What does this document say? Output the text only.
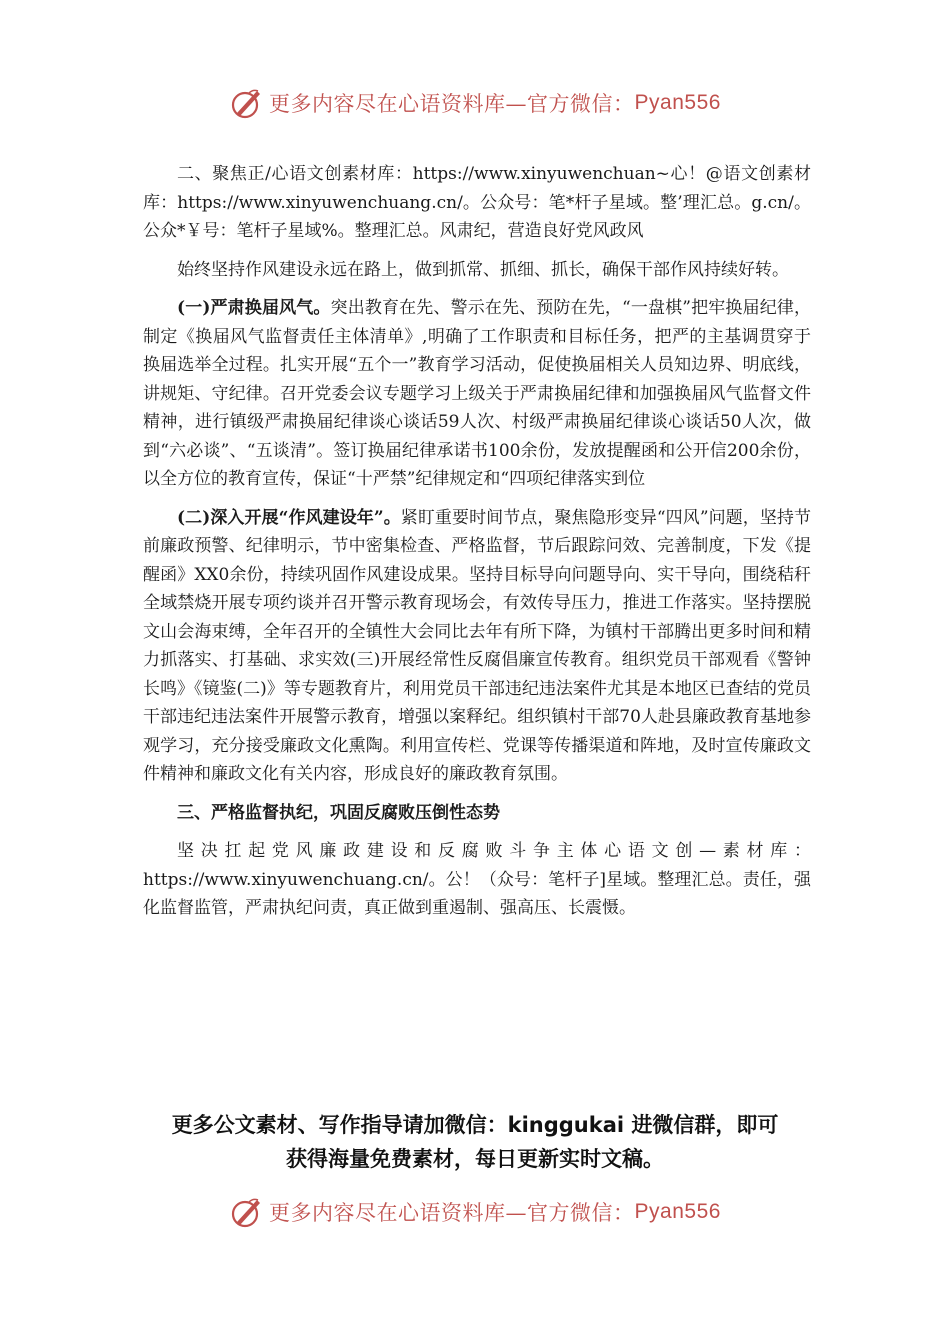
更多内容尽在心语资料库—官方微信： Pyan556

二、聚焦正/心语文创素材库：https://www.xinyuwenchuan~心！@语文创素材库：https://www.xinyuwenchuang.cn/。公众号：笔*杆子星域。整’理汇总。g.cn/。公众*￥号：笔杆子星域%。整理汇总。风肃纪，营造良好党风政风

始终坚持作风建设永远在路上，做到抓常、抓细、抓长，确保干部作风持续好转。

(一)严肃换届风气。突出教育在先、警示在先、预防在先，“一盘棋”把牢换届纪律，制定《换届风气监督责任主体清单》,明确了工作职责和目标任务，把严的主基调贯穿于换届选举全过程。扎实开展“五个一”教育学习活动，促使换届相关人员知边界、明底线，讲规矩、守纪律。召开党委会议专题学习上级关于严肃换届纪律和加强换届风气监督文件精神，进行镇级严肃换届纪律谈心谈话59人次、村级严肃换届纪律谈心谈话50人次，做到“六必谈”、“五谈清”。签订换届纪律承诺书100余份，发放提醒函和公开信200余份，以全方位的教育宣传，保证“十严禁”纪律规定和“四项纪律落实到位

(二)深入开展“作风建设年”。紧盯重要时间节点，聚焦隐形变异“四风”问题，坚持节前廉政预警、纪律明示，节中密集检查、严格监督，节后跟踪问效、完善制度，下发《提醒函》XX0余份，持续巩固作风建设成果。坚持目标导向问题导向、实干导向，围绕秸秆全域禁烧开展专项约谈并召开警示教育现场会，有效传导压力，推进工作落实。坚持摆脱文山会海束缚，全年召开的全镇性大会同比去年有所下降，为镇村干部腾出更多时间和精力抓落实、打基础、求实效(三)开展经常性反腐倡廉宣传教育。组织党员干部观看《警钟长鸣》《镜鉴(二)》等专题教育片，利用党员干部违纪违法案件尤其是本地区已查结的党员干部违纪违法案件开展警示教育，增强以案释纪。组织镇村干部70人赴县廉政教育基地参观学习，充分接受廉政文化熏陶。利用宣传栏、党课等传播渠道和阵地，及时宣传廉政文件精神和廉政文化有关内容，形成良好的廉政教育氛围。

三、严格监督执纪，巩固反腐败压倒性态势

坚决扛起党风廉政建设和反腐败斗争主体心语文创—素材库：https://www.xinyuwenchuang.cn/。公！（众号：笔杆子]星域。整理汇总。责任，强化监督监管，严肃执纪问责，真正做到重遏制、强高压、长震慑。

更多公文素材、写作指导请加微信：kinggukai 进微信群，即可
获得海量免费素材，每日更新实时文稿。
更多内容尽在心语资料库—官方微信： Pyan556
